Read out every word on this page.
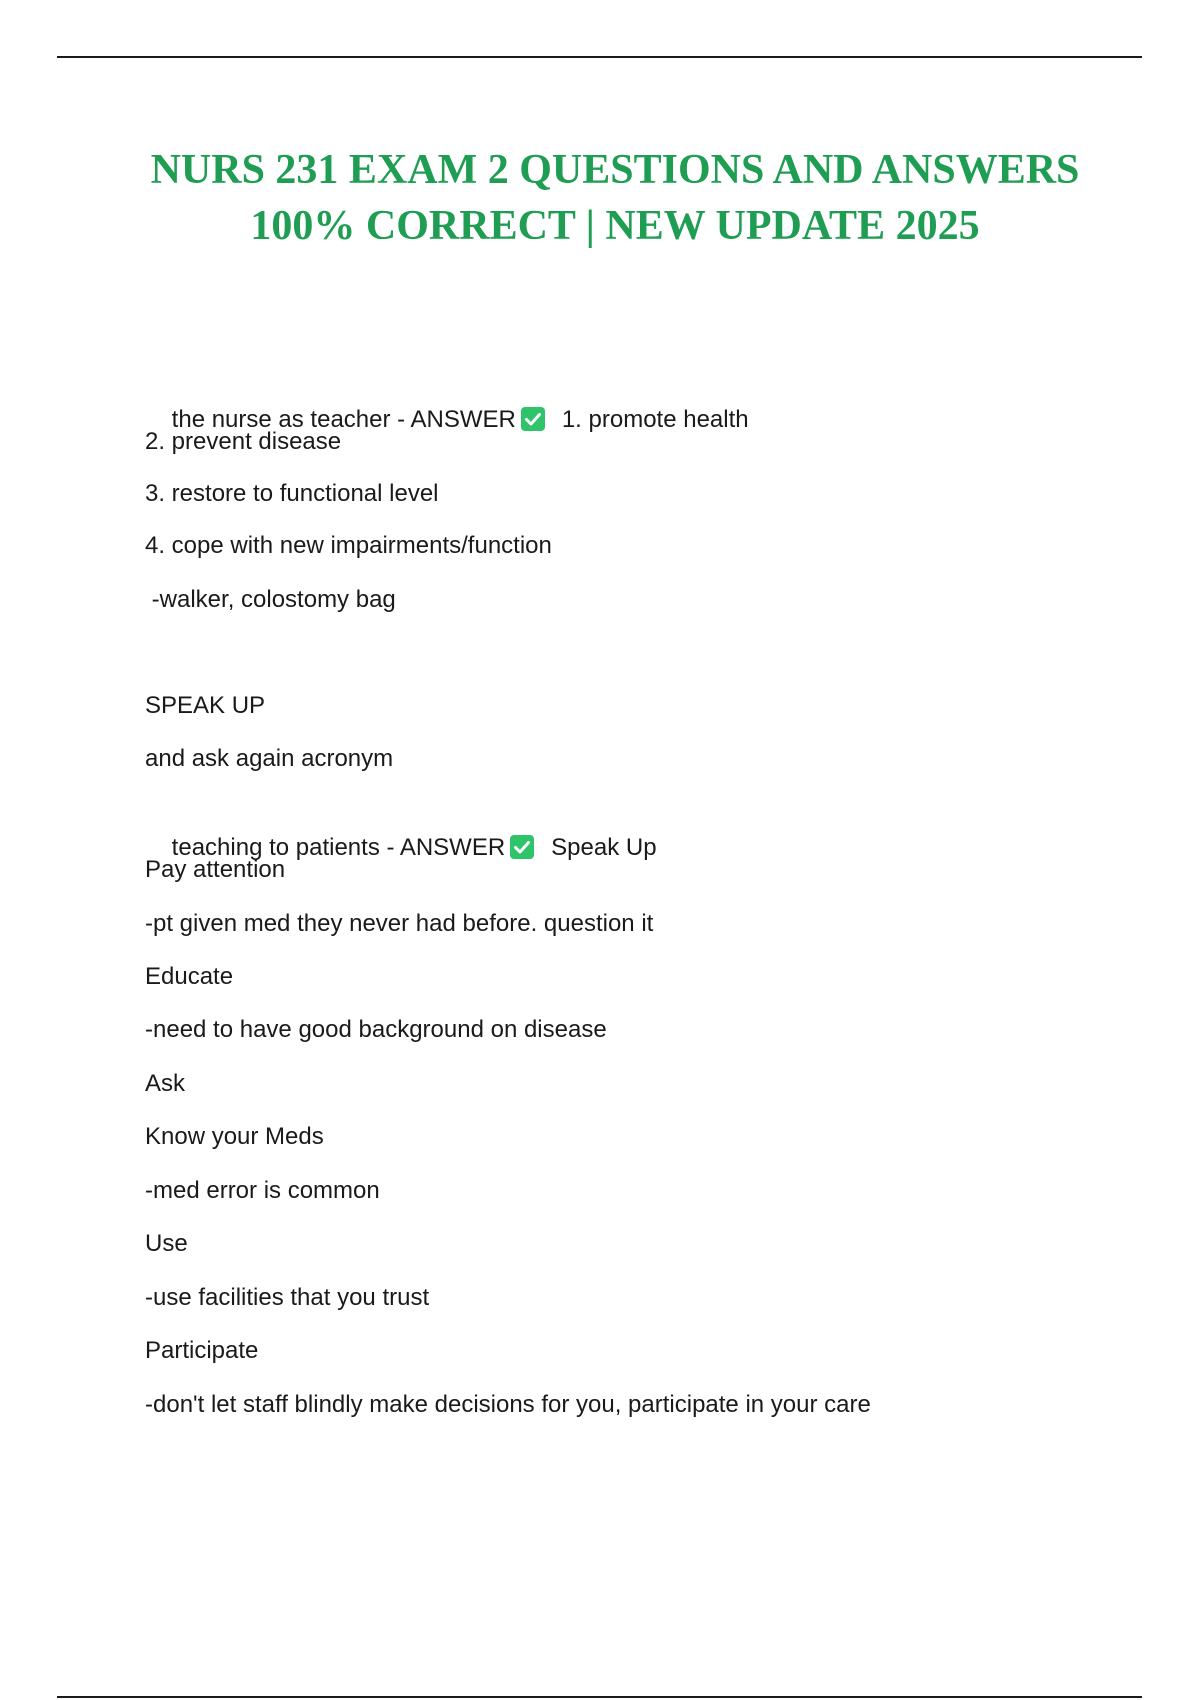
NURS 231 EXAM 2 QUESTIONS AND ANSWERS 100% CORRECT | NEW UPDATE 2025

the nurse as teacher - ANSWER 1. promote health

2. prevent disease
3. restore to functional level
4. cope with new impairments/function
-walker, colostomy bag
SPEAK UP
and ask again acronym

teaching to patients - ANSWER Speak Up

Pay attention
-pt given med they never had before. question it
Educate
-need to have good background on disease
Ask
Know your Meds
-med error is common
Use
-use facilities that you trust
Participate
-don't let staff blindly make decisions for you, participate in your care
